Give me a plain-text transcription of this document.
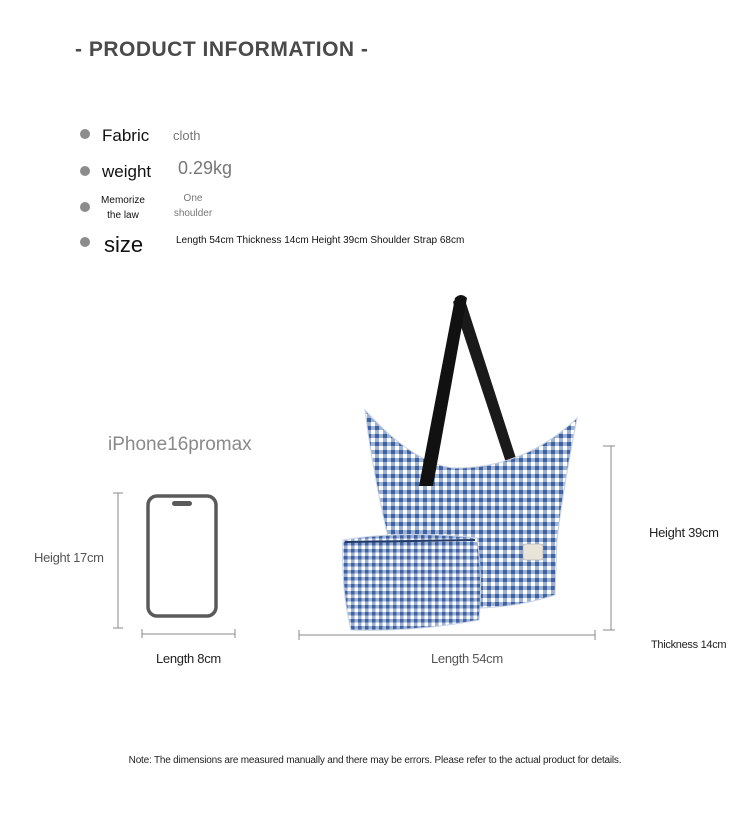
- PRODUCT INFORMATION -
Fabric cloth
weight 0.29kg
Memorize
the law
One
shoulder
size	Length 54cm Thickness 14cm Height 39cm Shoulder Strap 68cm
iPhone16promax
Height 17cm
Length 8cm
Height 39cm
Length 54cm
Thickness 14cm
Note: The dimensions are measured manually and there may be errors. Please refer to the actual product for details.
